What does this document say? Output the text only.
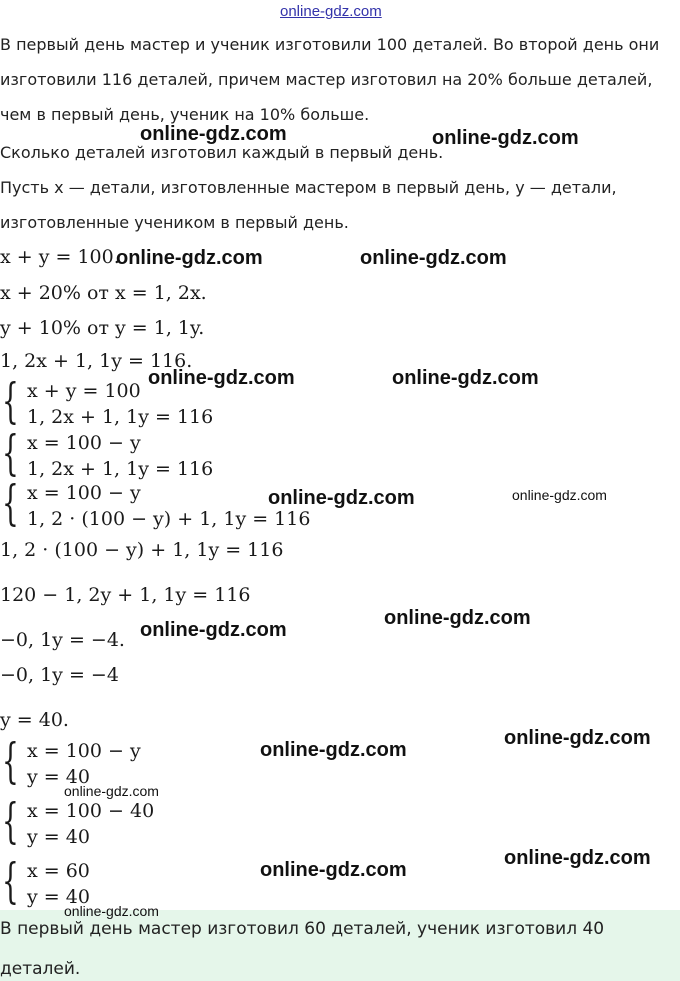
online-gdz.com
В первый день мастер и ученик изготовили 100 деталей. Во второй день они
изготовили 116 деталей, причем мастер изготовил на 20% больше деталей,
чем в первый день, ученик на 10% больше.
Сколько деталей изготовил каждый в первый день.
Пусть x — детали, изготовленные мастером в первый день, y — детали,
изготовленные учеником в первый день.
x + y = 100.
x + 20% от x = 1, 2x.
y + 10% от y = 1, 1y.
1, 2x + 1, 1y = 116.
{ x + y = 100
1, 2x + 1, 1y = 116
{ x = 100 − y
1, 2x + 1, 1y = 116
{ x = 100 − y
1, 2 · (100 − y) + 1, 1y = 116
1, 2 · (100 − y) + 1, 1y = 116
120 − 1, 2y + 1, 1y = 116
−0, 1y = −4.
−0, 1y = −4
y = 40.
{ x = 100 − y
y = 40
{ x = 100 − 40
y = 40
{ x = 60
y = 40
В первый день мастер изготовил 60 деталей, ученик изготовил 40
деталей.
online-gdz.com	online-gdz.com
online-gdz.com	online-gdz.com
online-gdz.com	online-gdz.com
online-gdz.com	online-gdz.com
online-gdz.com
online-gdz.com
online-gdz.com
online-gdz.com
online-gdz.com
online-gdz.com
online-gdz.com
online-gdz.com
